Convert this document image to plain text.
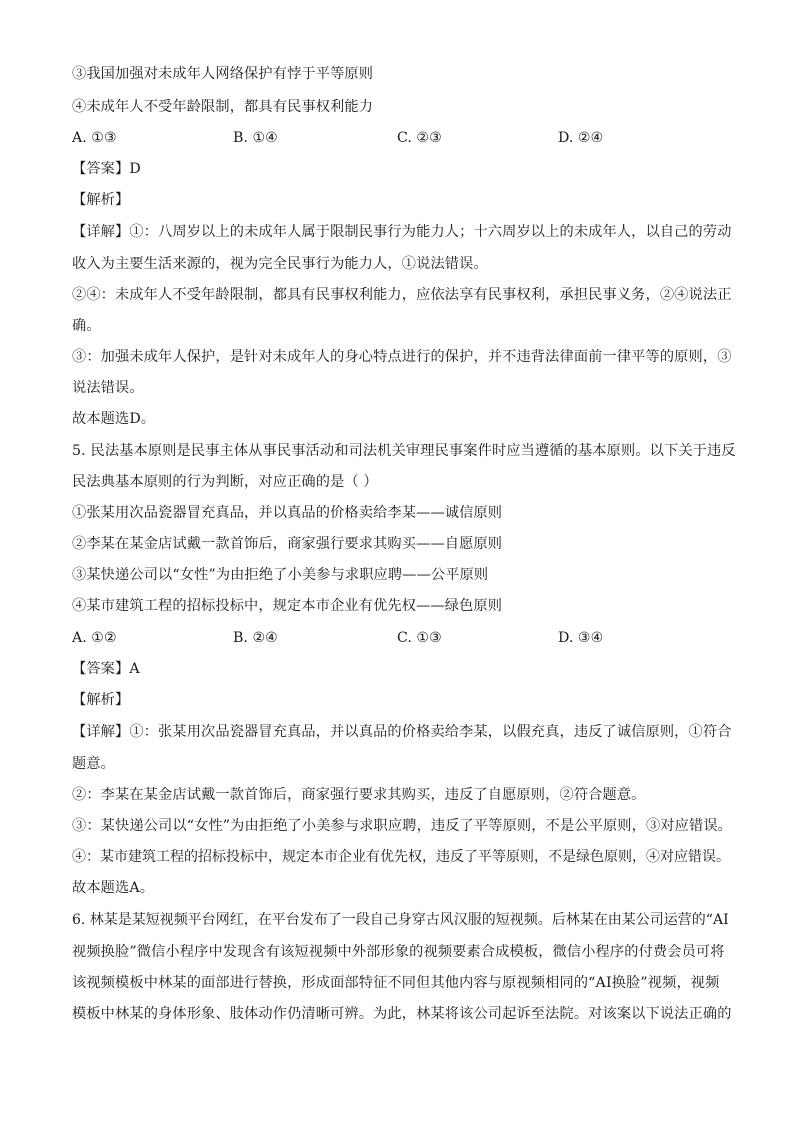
③我国加强对未成年人网络保护有悖于平等原则
④未成年人不受年龄限制，都具有民事权利能力
A. ①③	B. ①④	C. ②③	D. ②④
【答案】D
【解析】
【详解】①：八周岁以上的未成年人属于限制民事行为能力人；十六周岁以上的未成年人，以自己的劳动
收入为主要生活来源的，视为完全民事行为能力人，①说法错误。
②④：未成年人不受年龄限制，都具有民事权利能力，应依法享有民事权利，承担民事义务，②④说法正
确。
③：加强未成年人保护，是针对未成年人的身心特点进行的保护，并不违背法律面前一律平等的原则，③
说法错误。
故本题选D。
5. 民法基本原则是民事主体从事民事活动和司法机关审理民事案件时应当遵循的基本原则。以下关于违反
民法典基本原则的行为判断，对应正确的是（ ）
①张某用次品瓷器冒充真品，并以真品的价格卖给李某——诚信原则
②李某在某金店试戴一款首饰后，商家强行要求其购买——自愿原则
③某快递公司以“女性”为由拒绝了小美参与求职应聘——公平原则
④某市建筑工程的招标投标中，规定本市企业有优先权——绿色原则
A. ①②	B. ②④	C. ①③	D. ③④
【答案】A
【解析】
【详解】①：张某用次品瓷器冒充真品，并以真品的价格卖给李某，以假充真，违反了诚信原则，①符合
题意。
②：李某在某金店试戴一款首饰后，商家强行要求其购买，违反了自愿原则，②符合题意。
③：某快递公司以“女性”为由拒绝了小美参与求职应聘，违反了平等原则，不是公平原则，③对应错误。
④：某市建筑工程的招标投标中，规定本市企业有优先权，违反了平等原则，不是绿色原则，④对应错误。
故本题选A。
6. 林某是某短视频平台网红，在平台发布了一段自己身穿古风汉服的短视频。后林某在由某公司运营的“AI
视频换脸”微信小程序中发现含有该短视频中外部形象的视频要素合成模板，微信小程序的付费会员可将
该视频模板中林某的面部进行替换，形成面部特征不同但其他内容与原视频相同的“AI换脸”视频，视频
模板中林某的身体形象、肢体动作仍清晰可辨。为此，林某将该公司起诉至法院。对该案以下说法正确的
